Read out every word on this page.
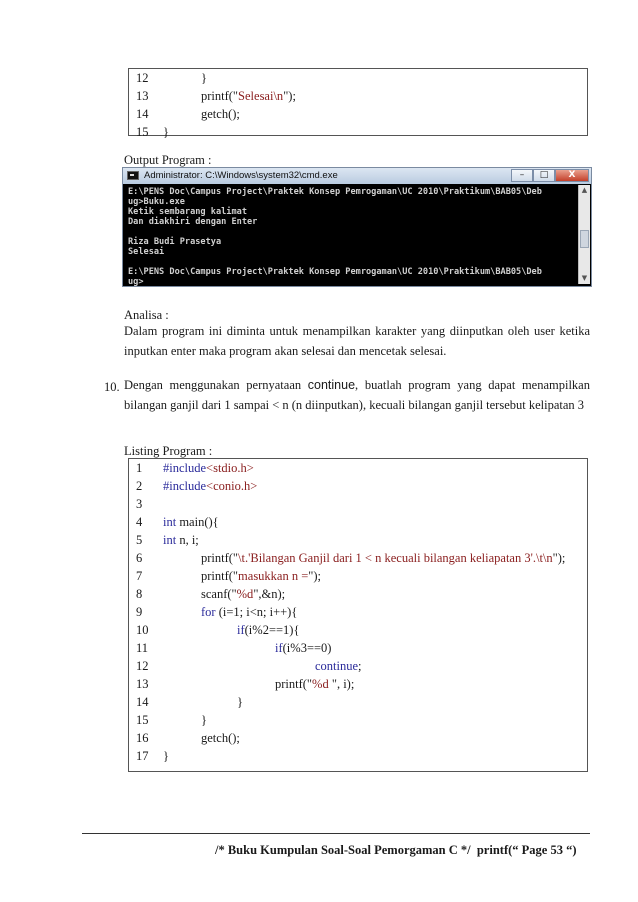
12	}
13	printf("Selesai\n");
14	getch();
15	}
Output Program :
Administrator: C:\Windows\system32\cmd.exe	–	□	X
E:\PENS Doc\Campus Project\Praktek Konsep Pemrogaman\UC 2010\Praktikum\BAB05\Deb
ug>Buku.exe
Ketik sembarang kalimat
Dan diakhiri dengan Enter
Riza Budi Prasetya
Selesai
E:\PENS Doc\Campus Project\Praktek Konsep Pemrogaman\UC 2010\Praktikum\BAB05\Deb
ug>
▲
▼
Analisa :
Dalam program ini diminta untuk menampilkan karakter yang diinputkan oleh user ketika inputkan enter maka program akan selesai dan mencetak selesai.
10. Dengan menggunakan pernyataan continue, buatlah program yang dapat menampilkan bilangan ganjil dari 1 sampai < n (n diinputkan), kecuali bilangan ganjil tersebut kelipatan 3
Listing Program :
1	#include<stdio.h>
2	#include<conio.h>
3
4	int main(){
5	int n, i;
6	printf("\t.'Bilangan Ganjil dari 1 < n kecuali bilangan keliapatan 3'.\t\n");
7	printf("masukkan n =");
8	scanf("%d",&n);
9	for (i=1; i<n; i++){
10	if(i%2==1){
11	if(i%3==0)
12	continue;
13	printf("%d ", i);
14	}
15	}
16	getch();
17	}
/* Buku Kumpulan Soal-Soal Pemorgaman C */  printf(“ Page 53 “)
